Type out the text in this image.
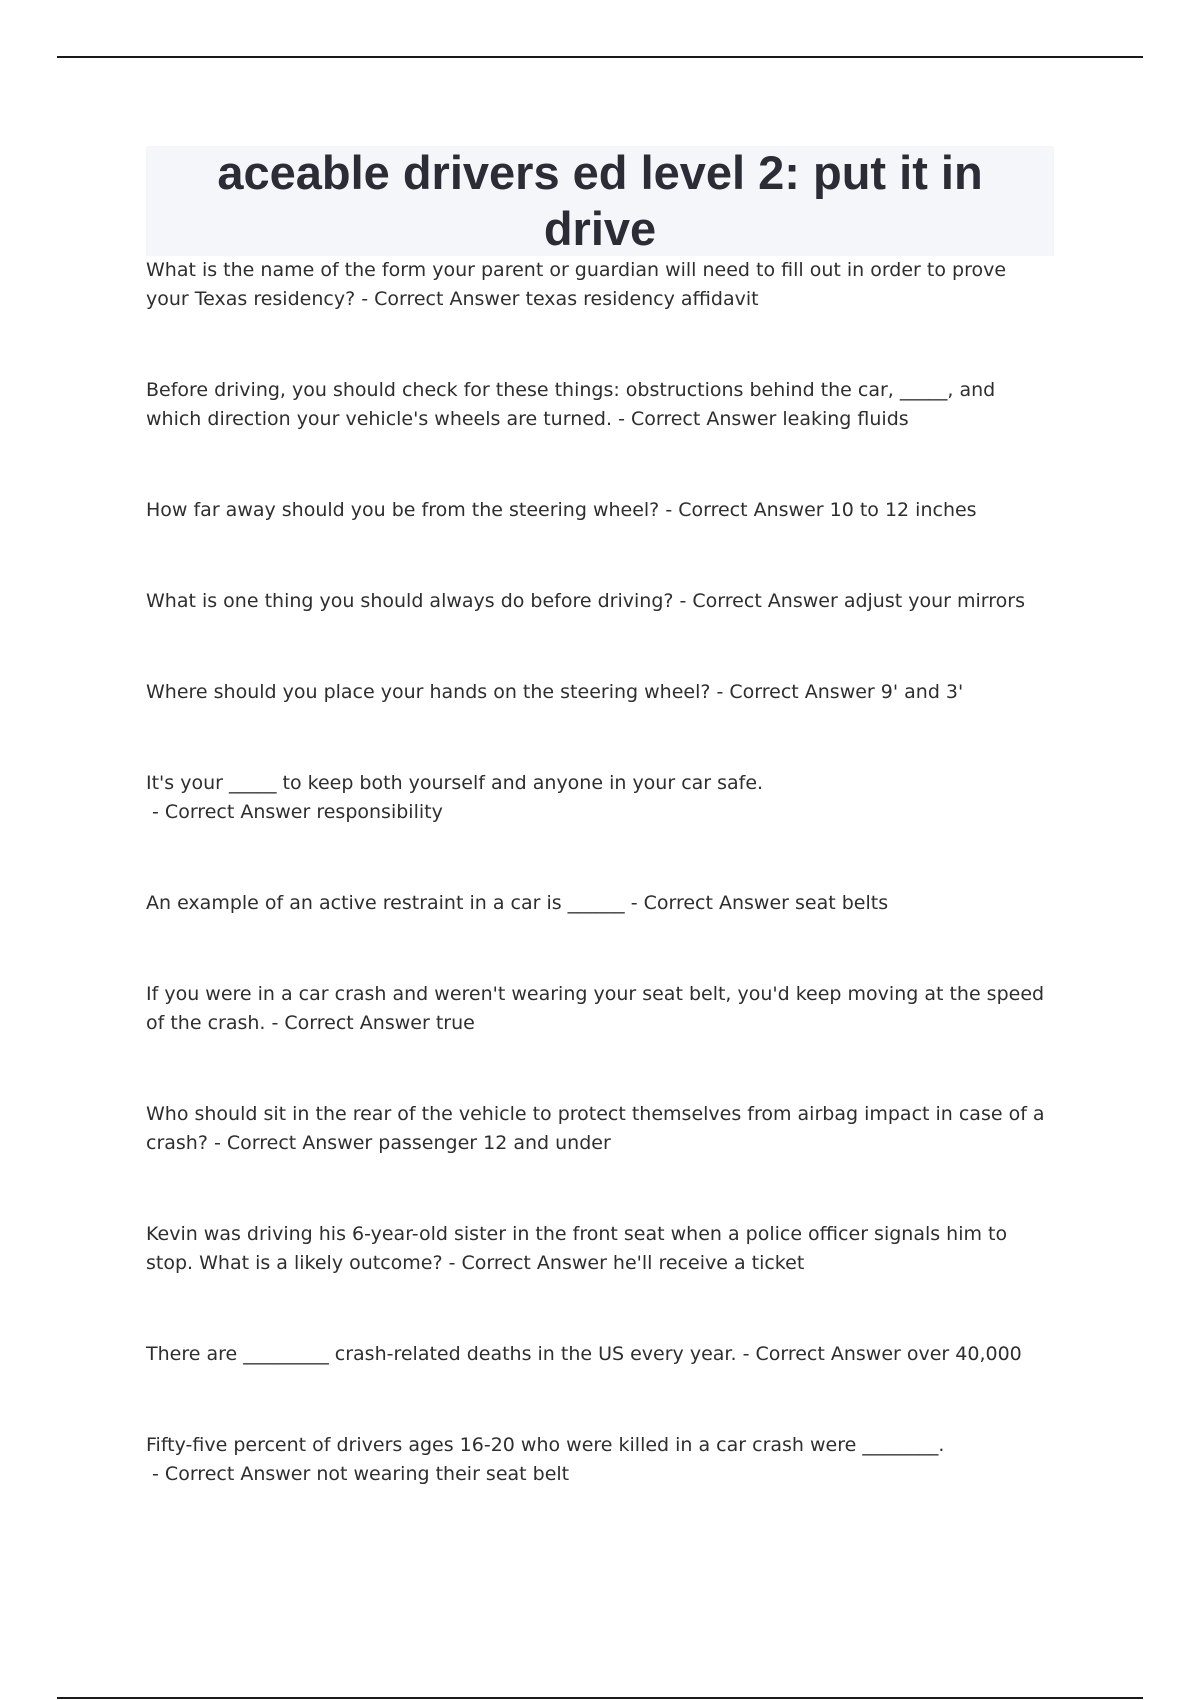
aceable drivers ed level 2: put it in drive

What is the name of the form your parent or guardian will need to fill out in order to prove your Texas residency? - Correct Answer texas residency affidavit

Before driving, you should check for these things: obstructions behind the car, _____, and which direction your vehicle's wheels are turned. - Correct Answer leaking fluids

How far away should you be from the steering wheel? - Correct Answer 10 to 12 inches

What is one thing you should always do before driving? - Correct Answer adjust your mirrors

Where should you place your hands on the steering wheel? - Correct Answer 9' and 3'

It's your _____ to keep both yourself and anyone in your car safe. - Correct Answer responsibility

An example of an active restraint in a car is ______ - Correct Answer seat belts

If you were in a car crash and weren't wearing your seat belt, you'd keep moving at the speed of the crash. - Correct Answer true

Who should sit in the rear of the vehicle to protect themselves from airbag impact in case of a crash? - Correct Answer passenger 12 and under

Kevin was driving his 6-year-old sister in the front seat when a police officer signals him to stop. What is a likely outcome? - Correct Answer he'll receive a ticket

There are _________ crash-related deaths in the US every year. - Correct Answer over 40,000

Fifty-five percent of drivers ages 16-20 who were killed in a car crash were ________. - Correct Answer not wearing their seat belt
